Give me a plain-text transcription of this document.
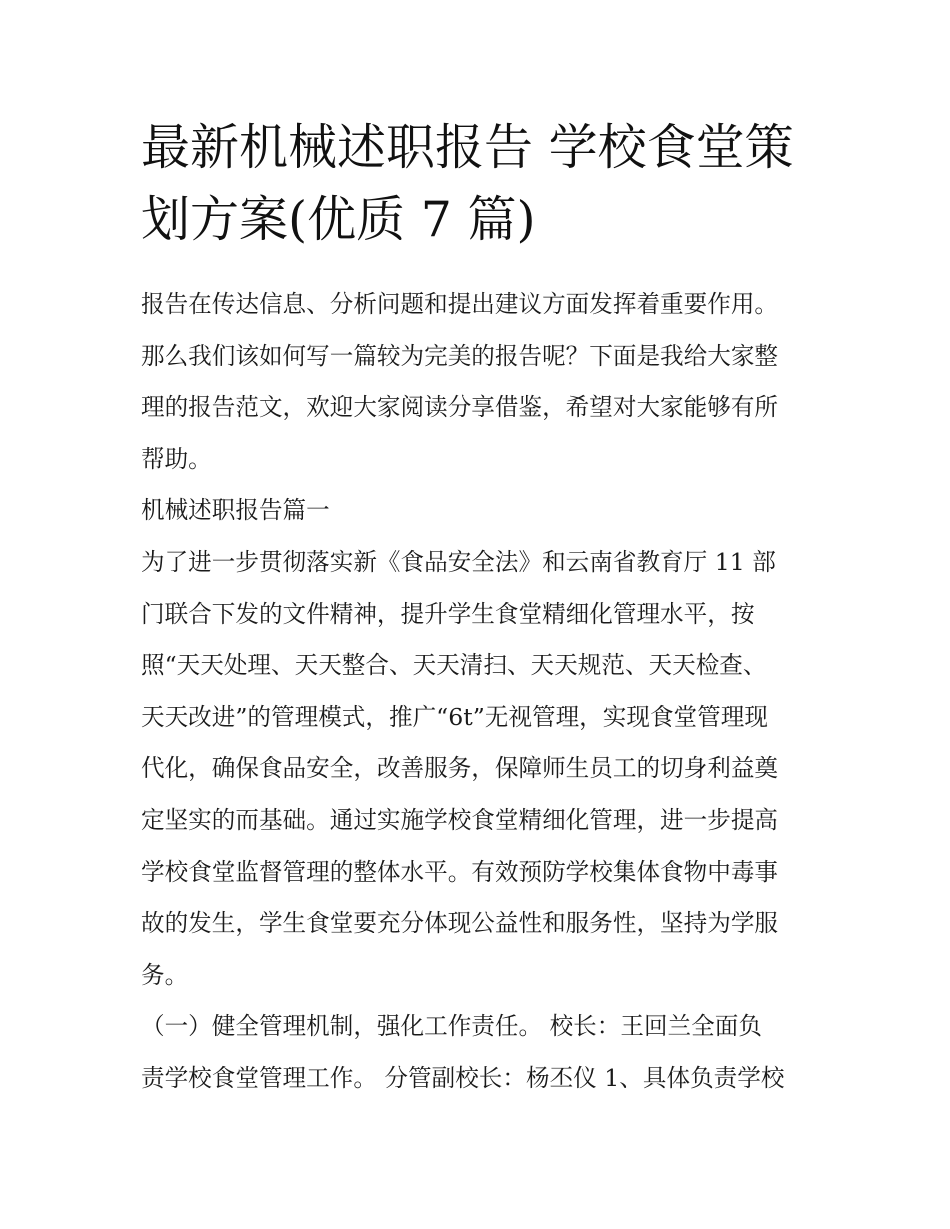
最新机械述职报告 学校食堂策
划方案(优质 7 篇)

报告在传达信息、分析问题和提出建议方面发挥着重要作用。
那么我们该如何写一篇较为完美的报告呢？下面是我给大家整
理的报告范文，欢迎大家阅读分享借鉴，希望对大家能够有所
帮助。

机械述职报告篇一

为了进一步贯彻落实新《食品安全法》和云南省教育厅 11 部
门联合下发的文件精神，提升学生食堂精细化管理水平，按
照“天天处理、天天整合、天天清扫、天天规范、天天检查、
天天改进”的管理模式，推广“6t”无视管理，实现食堂管理现
代化，确保食品安全，改善服务，保障师生员工的切身利益奠
定坚实的而基础。通过实施学校食堂精细化管理，进一步提高
学校食堂监督管理的整体水平。有效预防学校集体食物中毒事
故的发生，学生食堂要充分体现公益性和服务性，坚持为学服
务。

（一）健全管理机制，强化工作责任。 校长：王回兰全面负
责学校食堂管理工作。 分管副校长：杨丕仪 1、具体负责学校
